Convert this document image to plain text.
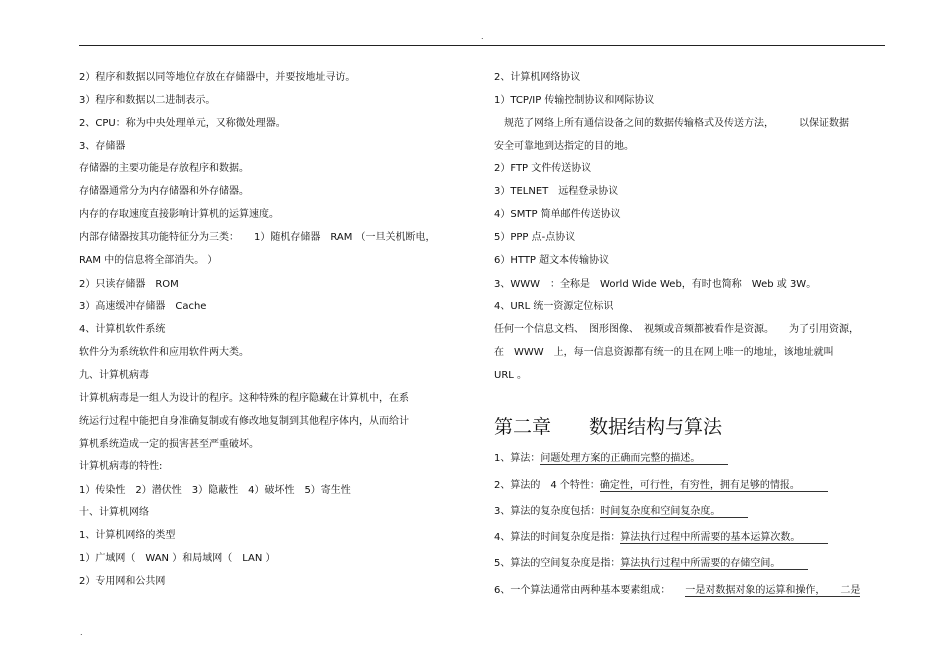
.
.
2）程序和数据以同等地位存放在存储器中，并要按地址寻访。
3）程序和数据以二进制表示。
2、CPU：称为中央处理单元，又称微处理器。
3、存储器
存储器的主要功能是存放程序和数据。
存储器通常分为内存储器和外存储器。
内存的存取速度直接影响计算机的运算速度。
内部存储器按其功能特征分为三类：　　1）随机存储器　RAM （一旦关机断电，
RAM 中的信息将全部消失。 ）
2）只读存储器　ROM
3）高速缓冲存储器　Cache
4、计算机软件系统
软件分为系统软件和应用软件两大类。
九、计算机病毒
计算机病毒是一组人为设计的程序。这种特殊的程序隐藏在计算机中，在系
统运行过程中能把自身准确复制或有修改地复制到其他程序体内，从而给计
算机系统造成一定的损害甚至严重破坏。
计算机病毒的特性:
1）传染性　2）潜伏性　3）隐蔽性　4）破坏性　5）寄生性
十、计算机网络
1、计算机网络的类型
1）广域网（　WAN ）和局域网（　LAN ）
2）专用网和公共网
2、计算机网络协议
1）TCP/IP 传输控制协议和网际协议
　规范了网络上所有通信设备之间的数据传输格式及传送方法，　　　以保证数据
安全可靠地到达指定的目的地。
2）FTP 文件传送协议
3）TELNET　远程登录协议
4）SMTP 简单邮件传送协议
5）PPP 点-点协议
6）HTTP 超文本传输协议
3、WWW　：全称是　World Wide Web，有时也简称　Web 或 3W。
4、URL 统一资源定位标识
任何一个信息文档、　图形图像、　视频或音频都被看作是资源。　　为了引用资源，
在　WWW　上，每一信息资源都有统一的且在网上唯一的地址，该地址就叫
URL 。
第二章 数据结构与算法
1、算法：问题处理方案的正确而完整的描述。
2、算法的　4 个特性：确定性，可行性，有穷性，拥有足够的情报。
3、算法的复杂度包括：时间复杂度和空间复杂度。
4、算法的时间复杂度是指：算法执行过程中所需要的基本运算次数。
5、算法的空间复杂度是指：算法执行过程中所需要的存储空间。
6、一个算法通常由两种基本要素组成：　　一是对数据对象的运算和操作，　　二是
